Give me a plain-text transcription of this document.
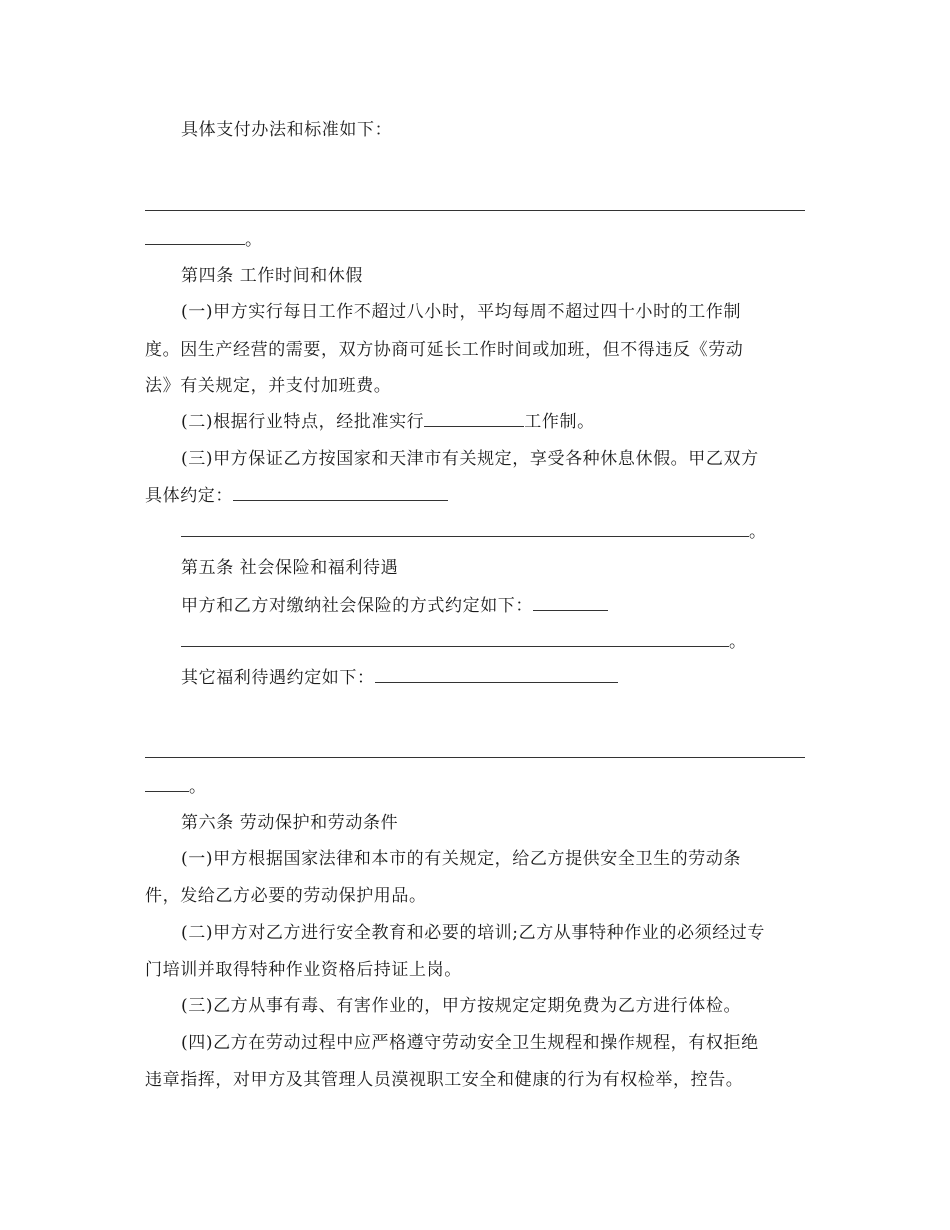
具体支付办法和标准如下：
。
第四条 工作时间和休假
(一)甲方实行每日工作不超过八小时，平均每周不超过四十小时的工作制
度。因生产经营的需要，双方协商可延长工作时间或加班，但不得违反《劳动
法》有关规定，并支付加班费。
(二)根据行业特点，经批准实行	工作制。
(三)甲方保证乙方按国家和天津市有关规定，享受各种休息休假。甲乙双方
具体约定：
。
第五条 社会保险和福利待遇
甲方和乙方对缴纳社会保险的方式约定如下：
。
其它福利待遇约定如下：
。
第六条 劳动保护和劳动条件
(一)甲方根据国家法律和本市的有关规定，给乙方提供安全卫生的劳动条
件，发给乙方必要的劳动保护用品。
(二)甲方对乙方进行安全教育和必要的培训;乙方从事特种作业的必须经过专
门培训并取得特种作业资格后持证上岗。
(三)乙方从事有毒、有害作业的，甲方按规定定期免费为乙方进行体检。
(四)乙方在劳动过程中应严格遵守劳动安全卫生规程和操作规程，有权拒绝
违章指挥，对甲方及其管理人员漠视职工安全和健康的行为有权检举，控告。
